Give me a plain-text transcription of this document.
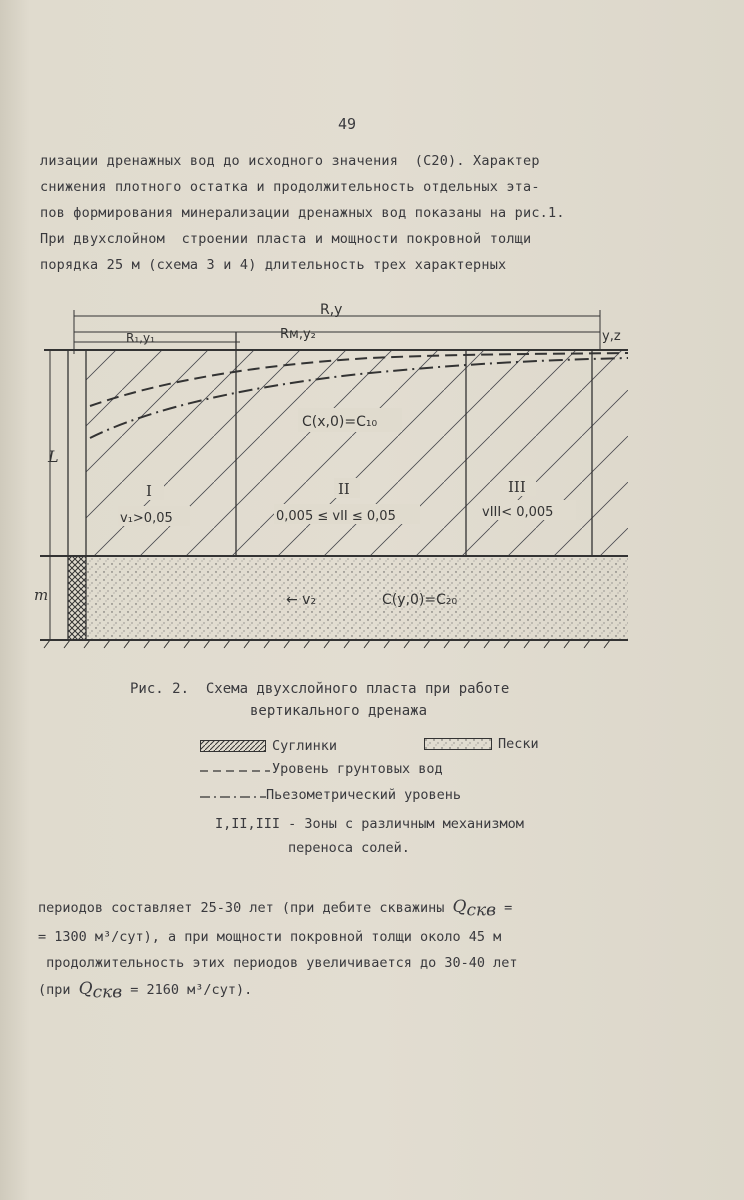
49
лизации дренажных вод до исходного значения  (C20). Характер
снижения плотного остатка и продолжительность отдельных эта-
пов формирования минерализации дренажных вод показаны на рис.1.
При двухслойном  строении пласта и мощности покровной толщи
порядка 25 м (схема 3 и 4) длительность трех характерных
R,y
Rм,y₂
R₁,y₁	y,z
L
m
C(x,0)=C₁₀
I
v₁>0,05
II
0,005 ≤ vII ≤ 0,05
III
vIII< 0,005
← v₂	C(y,0)=C₂₀
Рис. 2.  Схема двухслойного пласта при работе
вертикального дренажа
Суглинки	Пески
Уровень грунтовых вод
Пьезометрический уровень
I,II,III - Зоны с различным механизмом
переноса солей.
периодов составляет 25-30 лет (при дебите скважины $Q_{скв}$ =
= 1300 м³/сут), а при мощности покровной толщи около 45 м
продолжительность этих периодов увеличивается до 30-40 лет
(при $Q_{скв} = 2160$ м³/сут).
